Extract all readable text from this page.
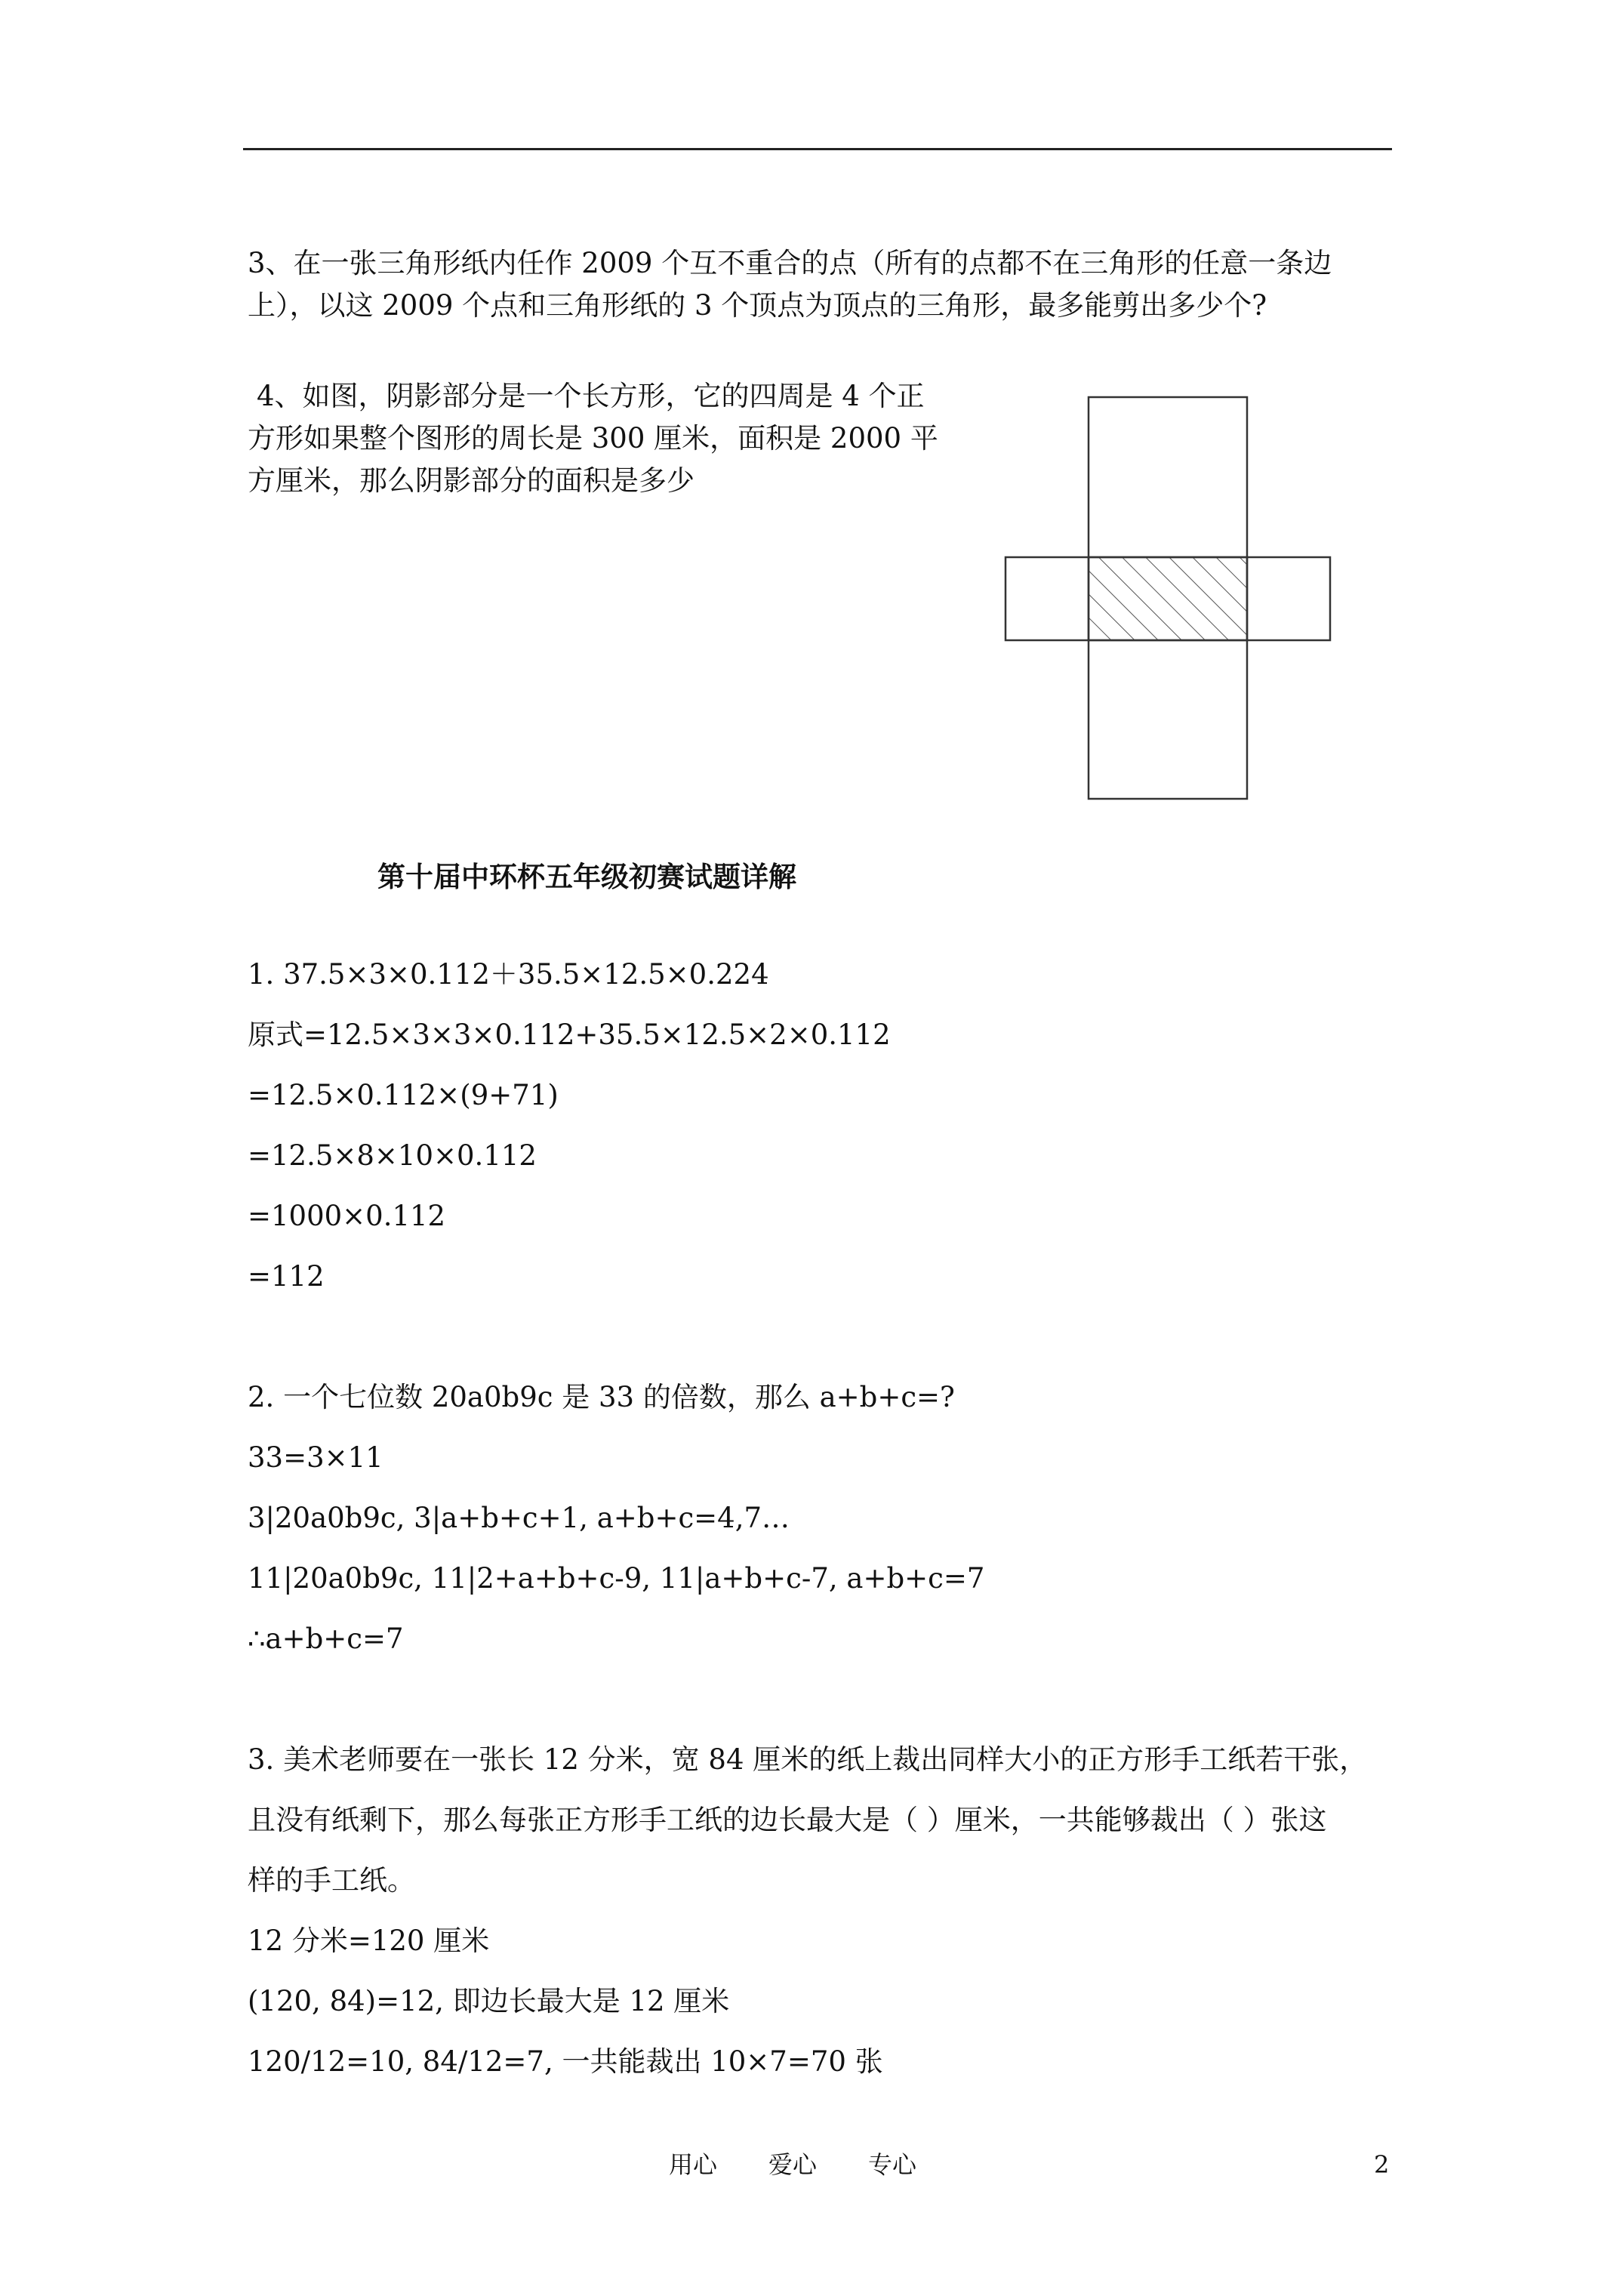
3、在一张三角形纸内任作 2009 个互不重合的点（所有的点都不在三角形的任意一条边
上），以这 2009 个点和三角形纸的 3 个顶点为顶点的三角形，最多能剪出多少个?
4、如图，阴影部分是一个长方形，它的四周是 4 个正
方形如果整个图形的周长是 300 厘米，面积是 2000 平
方厘米，那么阴影部分的面积是多少
第十届中环杯五年级初赛试题详解
1. 37.5×3×0.112＋35.5×12.5×0.224
原式=12.5×3×3×0.112+35.5×12.5×2×0.112
=12.5×0.112×(9+71)
=12.5×8×10×0.112
=1000×0.112
=112
2. 一个七位数 20a0b9c 是 33 的倍数，那么 a+b+c=?
33=3×11
3|20a0b9c, 3|a+b+c+1, a+b+c=4,7…
11|20a0b9c, 11|2+a+b+c-9, 11|a+b+c-7, a+b+c=7
∴a+b+c=7
3. 美术老师要在一张长 12 分米，宽 84 厘米的纸上裁出同样大小的正方形手工纸若干张，
且没有纸剩下，那么每张正方形手工纸的边长最大是（ ）厘米，一共能够裁出（ ）张这
样的手工纸。
12 分米=120 厘米
(120, 84)=12, 即边长最大是 12 厘米
120/12=10, 84/12=7, 一共能裁出 10×7=70 张
用心 爱心 专心	2
